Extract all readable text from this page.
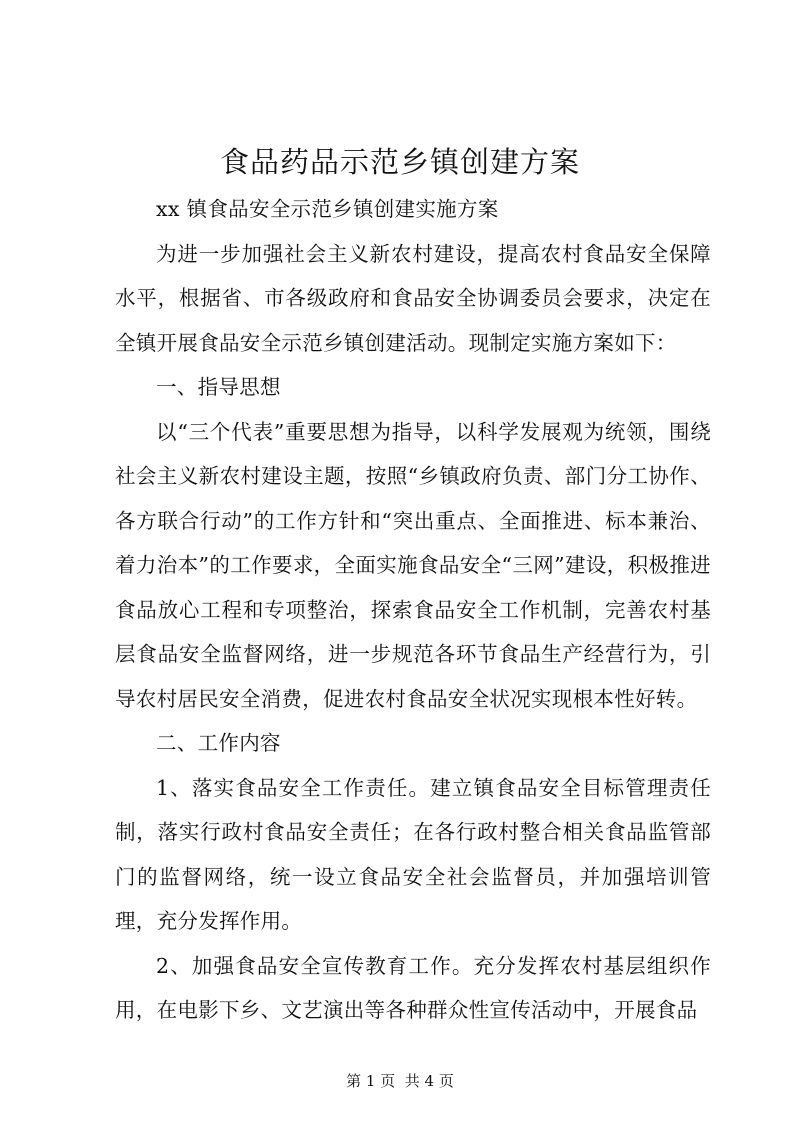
食品药品示范乡镇创建方案

xx 镇食品安全示范乡镇创建实施方案

为进一步加强社会主义新农村建设，提高农村食品安全保障水平，根据省、市各级政府和食品安全协调委员会要求，决定在全镇开展食品安全示范乡镇创建活动。现制定实施方案如下：

一、指导思想

以“三个代表”重要思想为指导，以科学发展观为统领，围绕社会主义新农村建设主题，按照“乡镇政府负责、部门分工协作、各方联合行动”的工作方针和“突出重点、全面推进、标本兼治、着力治本”的工作要求，全面实施食品安全“三网”建设，积极推进食品放心工程和专项整治，探索食品安全工作机制，完善农村基层食品安全监督网络，进一步规范各环节食品生产经营行为，引导农村居民安全消费，促进农村食品安全状况实现根本性好转。

二、工作内容

1、落实食品安全工作责任。建立镇食品安全目标管理责任制，落实行政村食品安全责任；在各行政村整合相关食品监管部门的监督网络，统一设立食品安全社会监督员，并加强培训管理，充分发挥作用。

2、加强食品安全宣传教育工作。充分发挥农村基层组织作用，在电影下乡、文艺演出等各种群众性宣传活动中，开展食品

第 1 页  共 4 页
